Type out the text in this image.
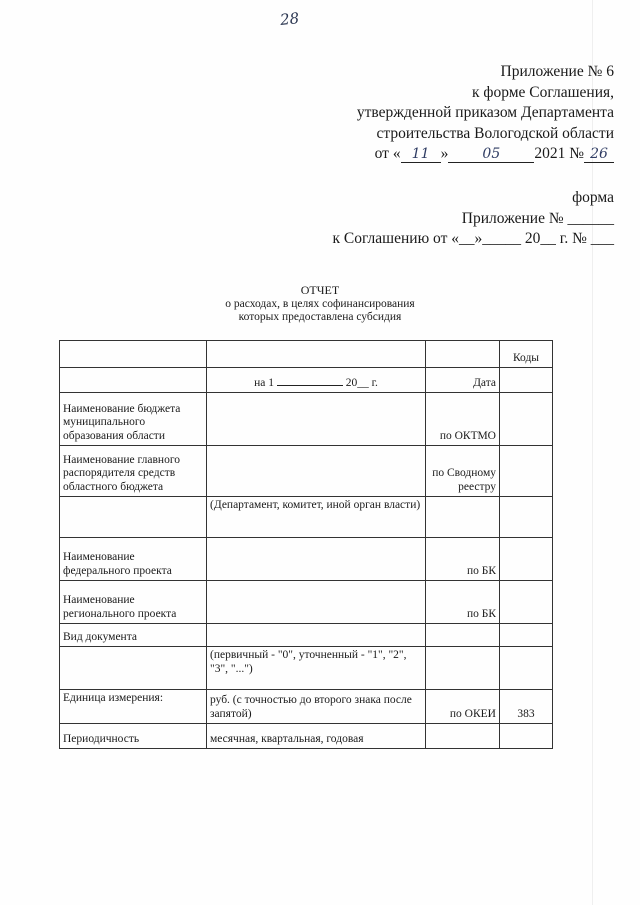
28
Приложение № 6
к форме Соглашения,
утвержденной приказом Департамента
строительства Вологодской области
от « 11 » 05 2021 № 26
форма
Приложение № ______
к Соглашению от «__»_____ 20__ г. № ___
ОТЧЕТ
о расходах, в целях софинансирования
которых предоставлена субсидия
			Коды
	на 1 20__ г.	Дата	
Наименование бюджета муниципального образования области		по ОКТМО	
Наименование главного распорядителя средств областного бюджета		по Сводному реестру	
	(Департамент, комитет, иной орган власти)		
Наименование федерального проекта		по БК	
Наименование регионального проекта		по БК	
Вид документа			
	(первичный - "0", уточненный - "1", "2", "3", "...")		
Единица измерения:	руб. (с точностью до второго знака после запятой)	по ОКЕИ	383
Периодичность	месячная, квартальная, годовая		
